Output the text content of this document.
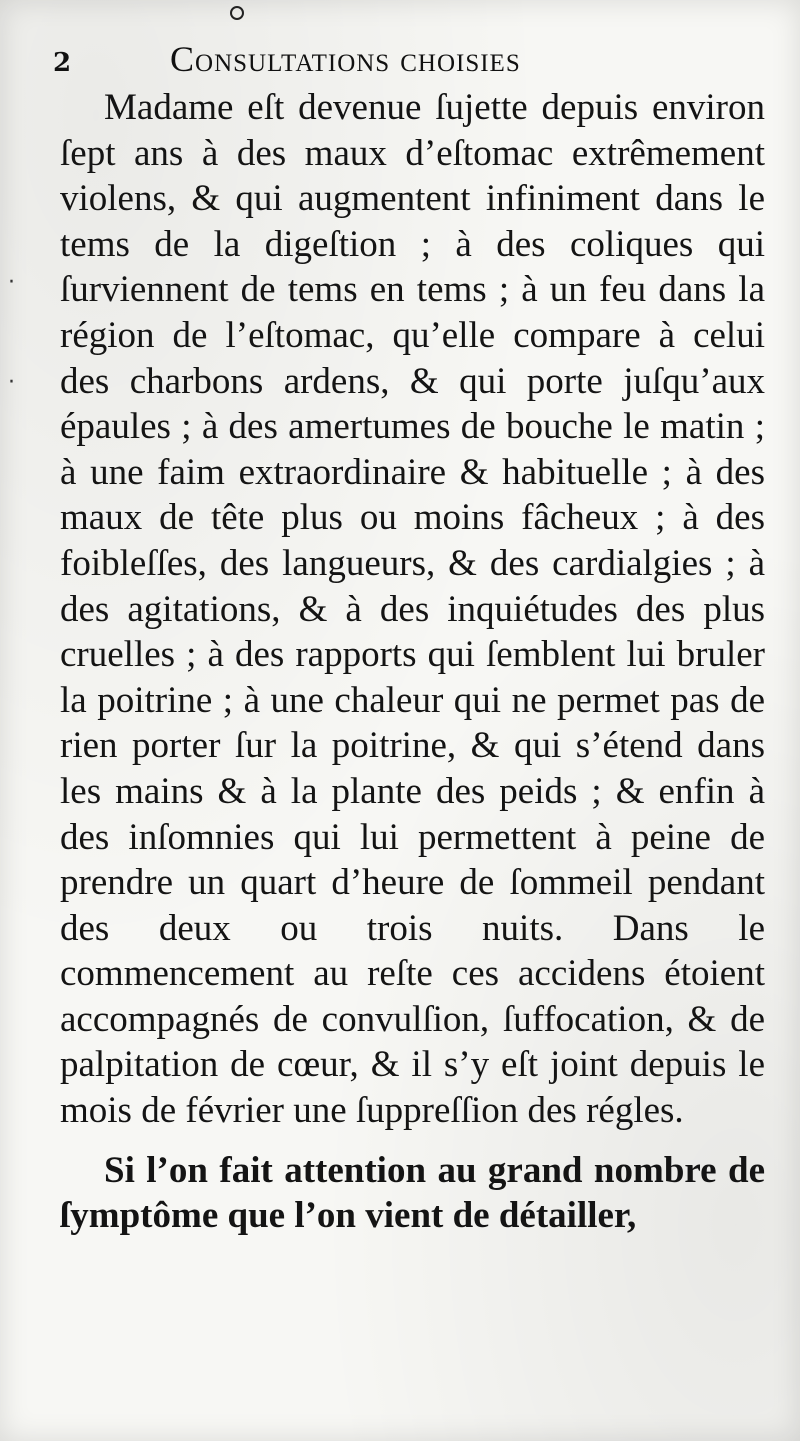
2	Consultations choisies

Madame eſt devenue ſujette depuis environ ſept ans à des maux d’eſtomac extrêmement violens, & qui augmentent infiniment dans le tems de la digeſtion ; à des coliques qui ſurviennent de tems en tems ; à un feu dans la région de l’eſtomac, qu’elle compare à celui des charbons ardens, & qui porte juſqu’aux épaules ; à des amertumes de bouche le matin ; à une faim extraordinaire & habituelle ; à des maux de tête plus ou moins fâcheux ; à des foibleſſes, des langueurs, & des cardialgies ; à des agitations, & à des inquiétudes des plus cruelles ; à des rapports qui ſemblent lui bruler la poitrine ; à une chaleur qui ne permet pas de rien porter ſur la poitrine, & qui s’étend dans les mains & à la plante des peids ; & enfin à des inſomnies qui lui permettent à peine de prendre un quart d’heure de ſommeil pendant des deux ou trois nuits. Dans le commencement au reſte ces accidens étoient accompagnés de convulſion, ſuffocation, & de palpitation de cœur, & il s’y eſt joint depuis le mois de février une ſuppreſſion des régles.

Si l’on fait attention au grand nombre de ſymptôme que l’on vient de détailler,

·

·
